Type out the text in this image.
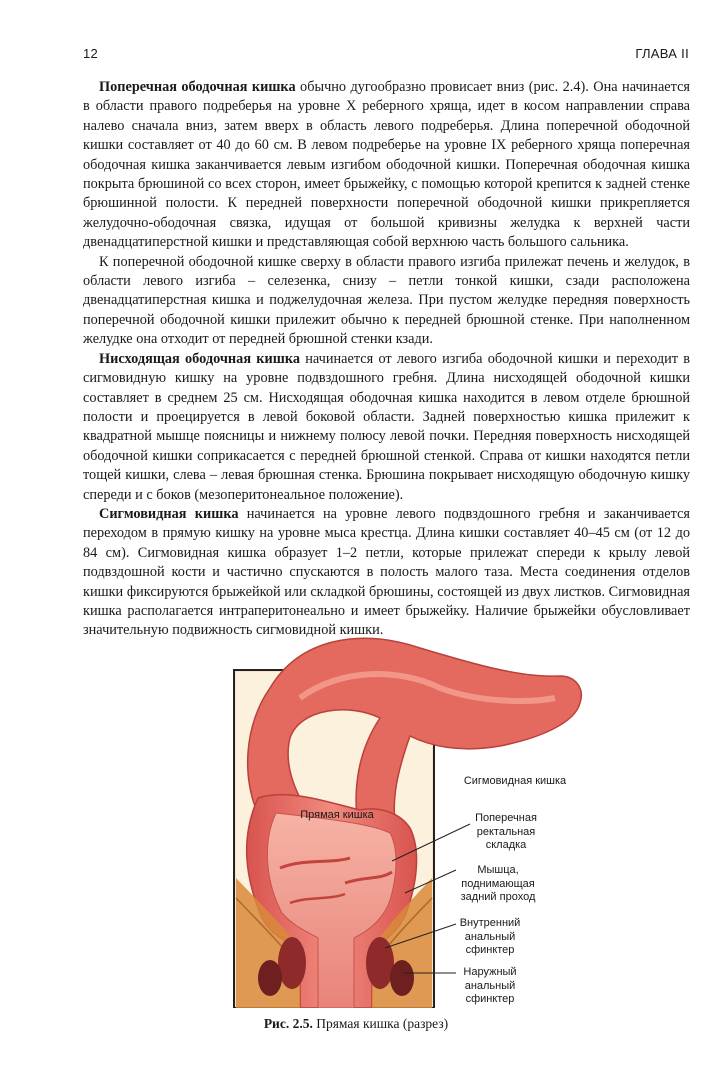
12	ГЛАВА II

Поперечная ободочная кишка обычно дугообразно провисает вниз (рис. 2.4). Она начинается в области правого подреберья на уровне X реберного хряща, идет в косом направлении справа налево сначала вниз, затем вверх в область левого подреберья. Длина поперечной ободочной кишки составляет от 40 до 60 см. В левом подреберье на уровне IX реберного хряща поперечная ободочная кишка заканчивается левым изгибом ободочной кишки. Поперечная ободочная кишка покрыта брюшиной со всех сторон, имеет брыжейку, с помощью которой крепится к задней стенке брюшинной полости. К передней поверхности поперечной ободочной кишки прикрепляется желудочно-ободочная связка, идущая от большой кривизны желудка к верхней части двенадцатиперстной кишки и представляющая собой верхнюю часть большого сальника.

К поперечной ободочной кишке сверху в области правого изгиба прилежат печень и желудок, в области левого изгиба – селезенка, снизу – петли тонкой кишки, сзади расположена двенадцатиперстная кишка и поджелудочная железа. При пустом желудке передняя поверхность поперечной ободочной кишки прилежит обычно к передней брюшной стенке. При наполненном желудке она отходит от передней брюшной стенки кзади.

Нисходящая ободочная кишка начинается от левого изгиба ободочной кишки и переходит в сигмовидную кишку на уровне подвздошного гребня. Длина нисходящей ободочной кишки составляет в среднем 25 см. Нисходящая ободочная кишка находится в левом отделе брюшной полости и проецируется в левой боковой области. Задней поверхностью кишка прилежит к квадратной мышце поясницы и нижнему полюсу левой почки. Передняя поверхность нисходящей ободочной кишки соприкасается с передней брюшной стенкой. Справа от кишки находятся петли тощей кишки, слева – левая брюшная стенка. Брюшина покрывает нисходящую ободочную кишку спереди и с боков (мезоперитонеальное положение).

Сигмовидная кишка начинается на уровне левого подвздошного гребня и заканчивается переходом в прямую кишку на уровне мыса крестца. Длина кишки составляет 40–45 см (от 12 до 84 см). Сигмовидная кишка образует 1–2 петли, которые прилежат спереди к крылу левой подвздошной кости и частично спускаются в полость малого таза. Места соединения отделов кишки фиксируются брыжейкой или складкой брюшины, состоящей из двух листков. Сигмовидная кишка располагается интраперитонеально и имеет брыжейку. Наличие брыжейки обусловливает значительную подвижность сигмовидной кишки.

Сигмовидная кишка
Прямая кишка	Поперечная ректальная складка
Мышца, поднимающая задний проход
Внутренний анальный сфинктер
Наружный анальный сфинктер
Рис. 2.5. Прямая кишка (разрез)
